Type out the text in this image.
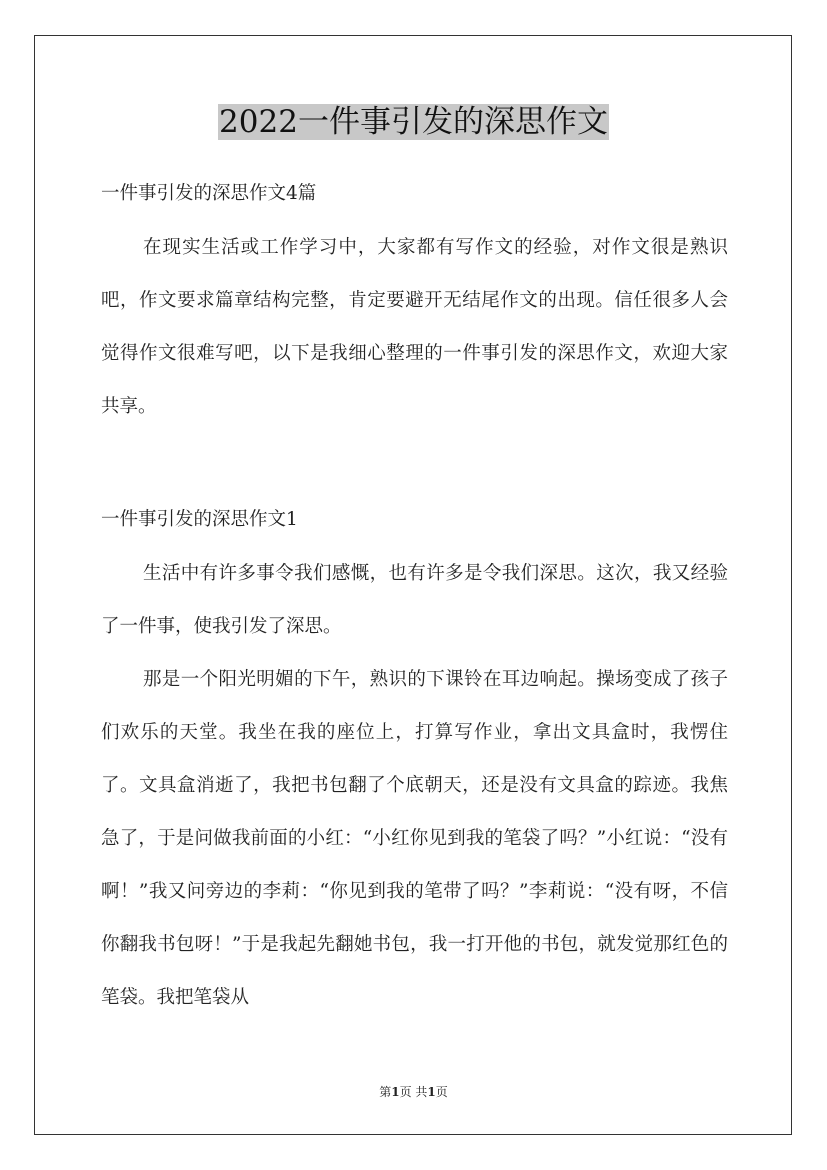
2022一件事引发的深思作文

一件事引发的深思作文4篇

在现实生活或工作学习中，大家都有写作文的经验，对作文很是熟识吧，作文要求篇章结构完整，肯定要避开无结尾作文的出现。信任很多人会觉得作文很难写吧，以下是我细心整理的一件事引发的深思作文，欢迎大家共享。

一件事引发的深思作文1

生活中有许多事令我们感慨，也有许多是令我们深思。这次，我又经验了一件事，使我引发了深思。

那是一个阳光明媚的下午，熟识的下课铃在耳边响起。操场变成了孩子们欢乐的天堂。我坐在我的座位上，打算写作业，拿出文具盒时，我愣住了。文具盒消逝了，我把书包翻了个底朝天，还是没有文具盒的踪迹。我焦急了，于是问做我前面的小红：“小红你见到我的笔袋了吗？”小红说：“没有啊！”我又问旁边的李莉：“你见到我的笔带了吗？”李莉说：“没有呀，不信你翻我书包呀！”于是我起先翻她书包，我一打开他的书包，就发觉那红色的笔袋。我把笔袋从

第1页 共1页
